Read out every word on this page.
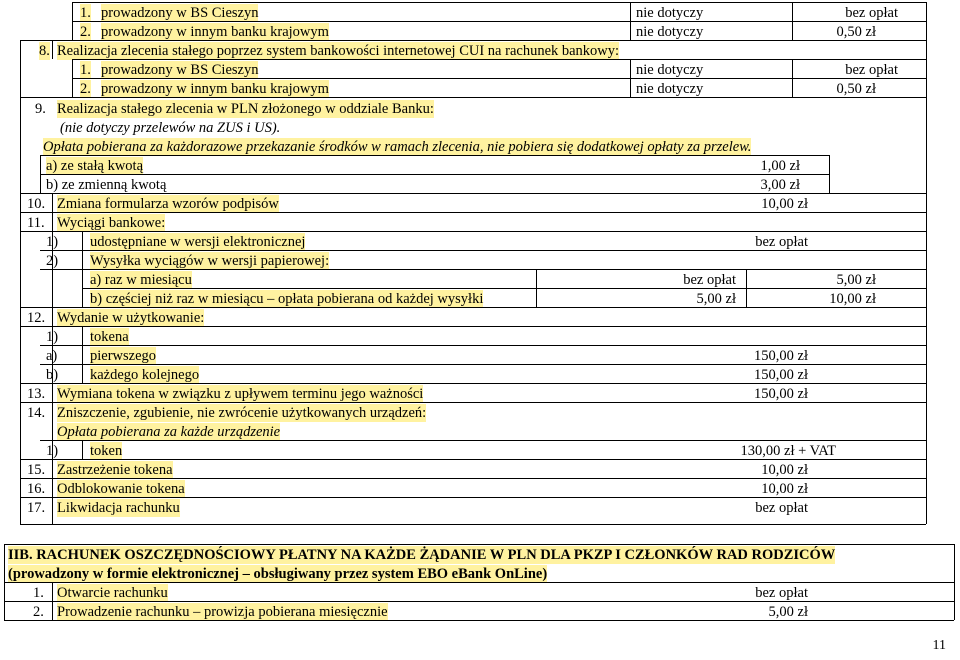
1. prowadzony w BS Cieszyn	nie dotyczy	bez opłat
2. prowadzony w innym banku krajowym	nie dotyczy	0,50 zł
8. Realizacja zlecenia stałego poprzez system bankowości internetowej CUI na rachunek bankowy:
1. prowadzony w BS Cieszyn	nie dotyczy	bez opłat
2. prowadzony w innym banku krajowym	nie dotyczy	0,50 zł
9. Realizacja stałego zlecenia w PLN złożonego w oddziale Banku:
(nie dotyczy przelewów na ZUS i US).
Opłata pobierana za każdorazowe przekazanie środków w ramach zlecenia, nie pobiera się dodatkowej opłaty za przelew.
a) ze stałą kwotą	1,00 zł
b) ze zmienną kwotą	3,00 zł
10. Zmiana formularza wzorów podpisów	10,00 zł
11. Wyciągi bankowe:
1) udostępniane w wersji elektronicznej	bez opłat
2) Wysyłka wyciągów w wersji papierowej:
a) raz w miesiącu	bez opłat	5,00 zł
b) częściej niż raz w miesiącu – opłata pobierana od każdej wysyłki	5,00 zł	10,00 zł
12. Wydanie w użytkowanie:
1) tokena
a) pierwszego	150,00 zł
b) każdego kolejnego	150,00 zł
13. Wymiana tokena w związku z upływem terminu jego ważności	150,00 zł
14. Zniszczenie, zgubienie, nie zwrócenie użytkowanych urządzeń:
Opłata pobierana za każde urządzenie
1) token	130,00 zł + VAT
15. Zastrzeżenie tokena	10,00 zł
16. Odblokowanie tokena	10,00 zł
17. Likwidacja rachunku	bez opłat
IIB. RACHUNEK OSZCZĘDNOŚCIOWY PŁATNY NA KAŻDE ŻĄDANIE W PLN DLA PKZP I CZŁONKÓW RAD RODZICÓW
(prowadzony w formie elektronicznej – obsługiwany przez system EBO eBank OnLine)
1. Otwarcie rachunku	bez opłat
2. Prowadzenie rachunku – prowizja pobierana miesięcznie	5,00 zł
11
